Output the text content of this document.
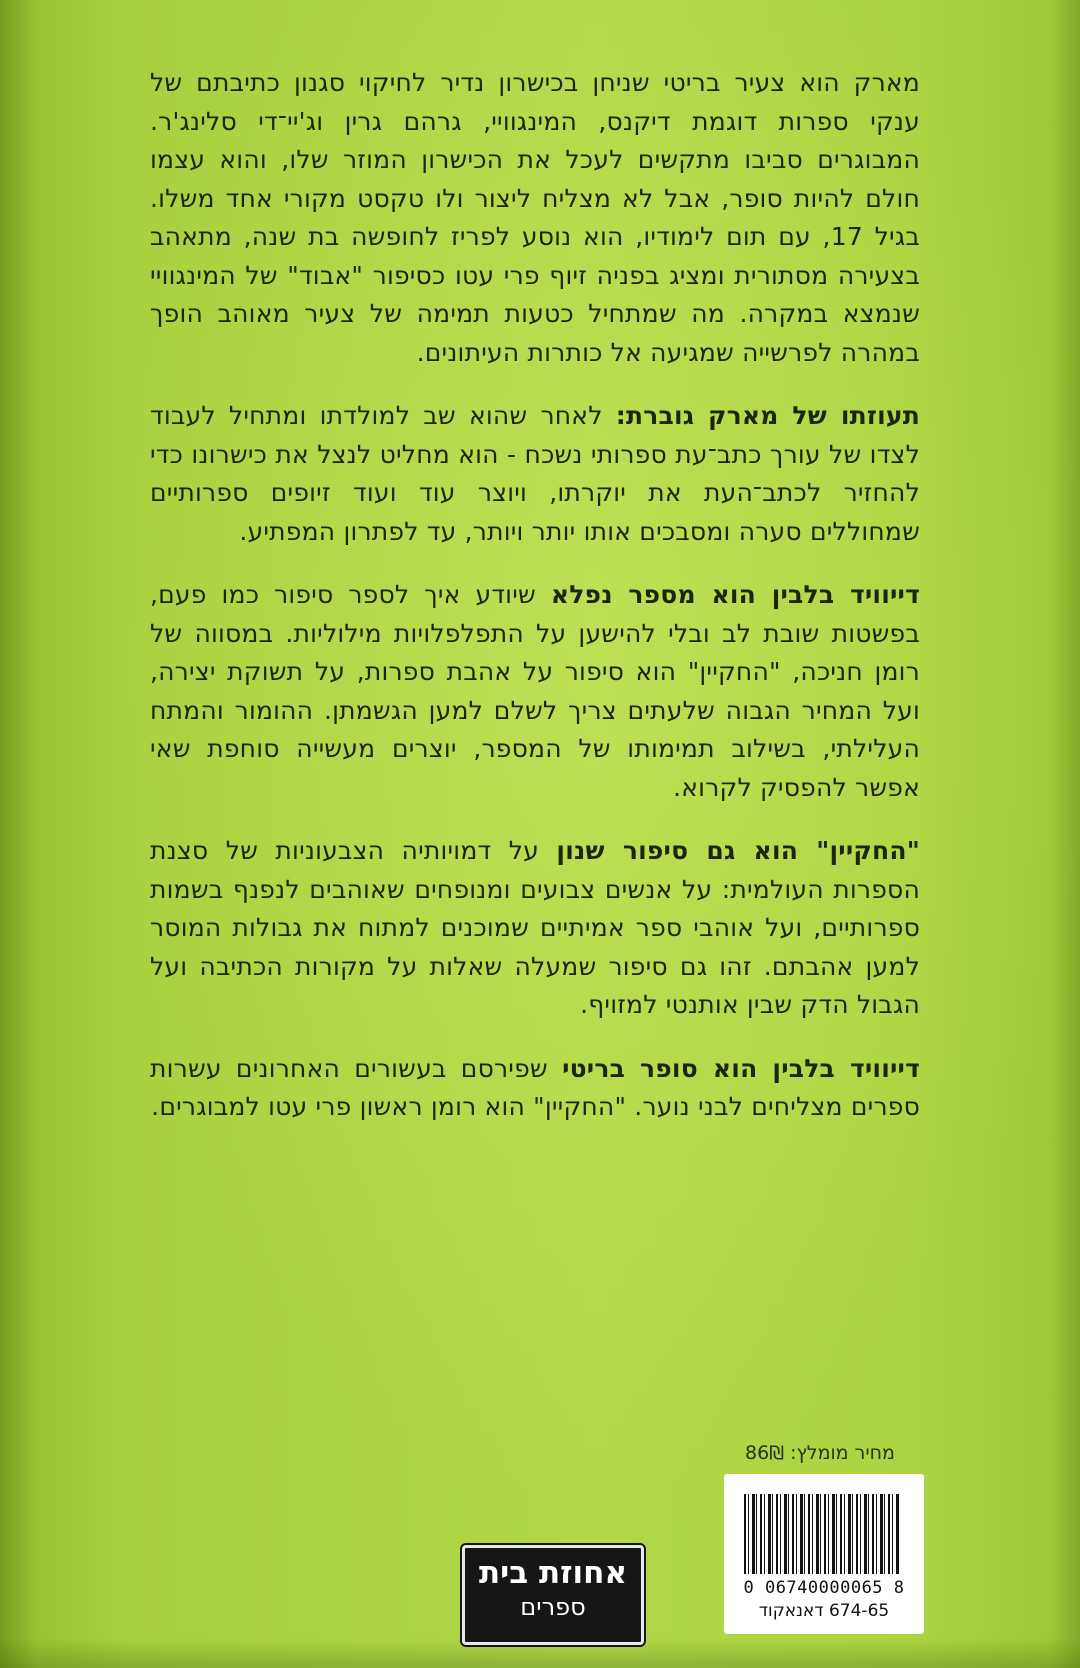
מארק הוא צעיר בריטי שניחן בכישרון נדיר לחיקוי סגנון כתיבתם של ענקי ספרות דוגמת דיקנס, המינגוויי, גרהם גרין וג'יי־די סלינג'ר. המבוגרים סביבו מתקשים לעכל את הכישרון המוזר שלו, והוא עצמו חולם להיות סופר, אבל לא מצליח ליצור ולו טקסט מקורי אחד משלו. בגיל 17, עם תום לימודיו, הוא נוסע לפריז לחופשה בת שנה, מתאהב בצעירה מסתורית ומציג בפניה זיוף פרי עטו כסיפור "אבוד" של המינגוויי שנמצא במקרה. מה שמתחיל כטעות תמימה של צעיר מאוהב הופך במהרה לפרשייה שמגיעה אל כותרות העיתונים.

תעוזתו של מארק גוברת: לאחר שהוא שב למולדתו ומתחיל לעבוד לצדו של עורך כתב־עת ספרותי נשכח - הוא מחליט לנצל את כישרונו כדי להחזיר לכתב־העת את יוקרתו, ויוצר עוד ועוד זיופים ספרותיים שמחוללים סערה ומסבכים אותו יותר ויותר, עד לפתרון המפתיע.

דייוויד בלבין הוא מספר נפלא שיודע איך לספר סיפור כמו פעם, בפשטות שובת לב ובלי להישען על התפלפלויות מילוליות. במסווה של רומן חניכה, "החקיין" הוא סיפור על אהבת ספרות, על תשוקת יצירה, ועל המחיר הגבוה שלעתים צריך לשלם למען הגשמתן. ההומור והמתח העלילתי, בשילוב תמימותו של המספר, יוצרים מעשייה סוחפת שאי אפשר להפסיק לקרוא.

"החקיין" הוא גם סיפור שנון על דמויותיה הצבעוניות של סצנת הספרות העולמית: על אנשים צבועים ומנופחים שאוהבים לנפנף בשמות ספרותיים, ועל אוהבי ספר אמיתיים שמוכנים למתוח את גבולות המוסר למען אהבתם. זהו גם סיפור שמעלה שאלות על מקורות הכתיבה ועל הגבול הדק שבין אותנטי למזויף.

דייוויד בלבין הוא סופר בריטי שפירסם בעשורים האחרונים עשרות ספרים מצליחים לבני נוער. "החקיין" הוא רומן ראשון פרי עטו למבוגרים.

מחיר מומלץ: 86₪
0 06740000065 8
674-65 דאנאקוד
אחוזת בית
ספרים
